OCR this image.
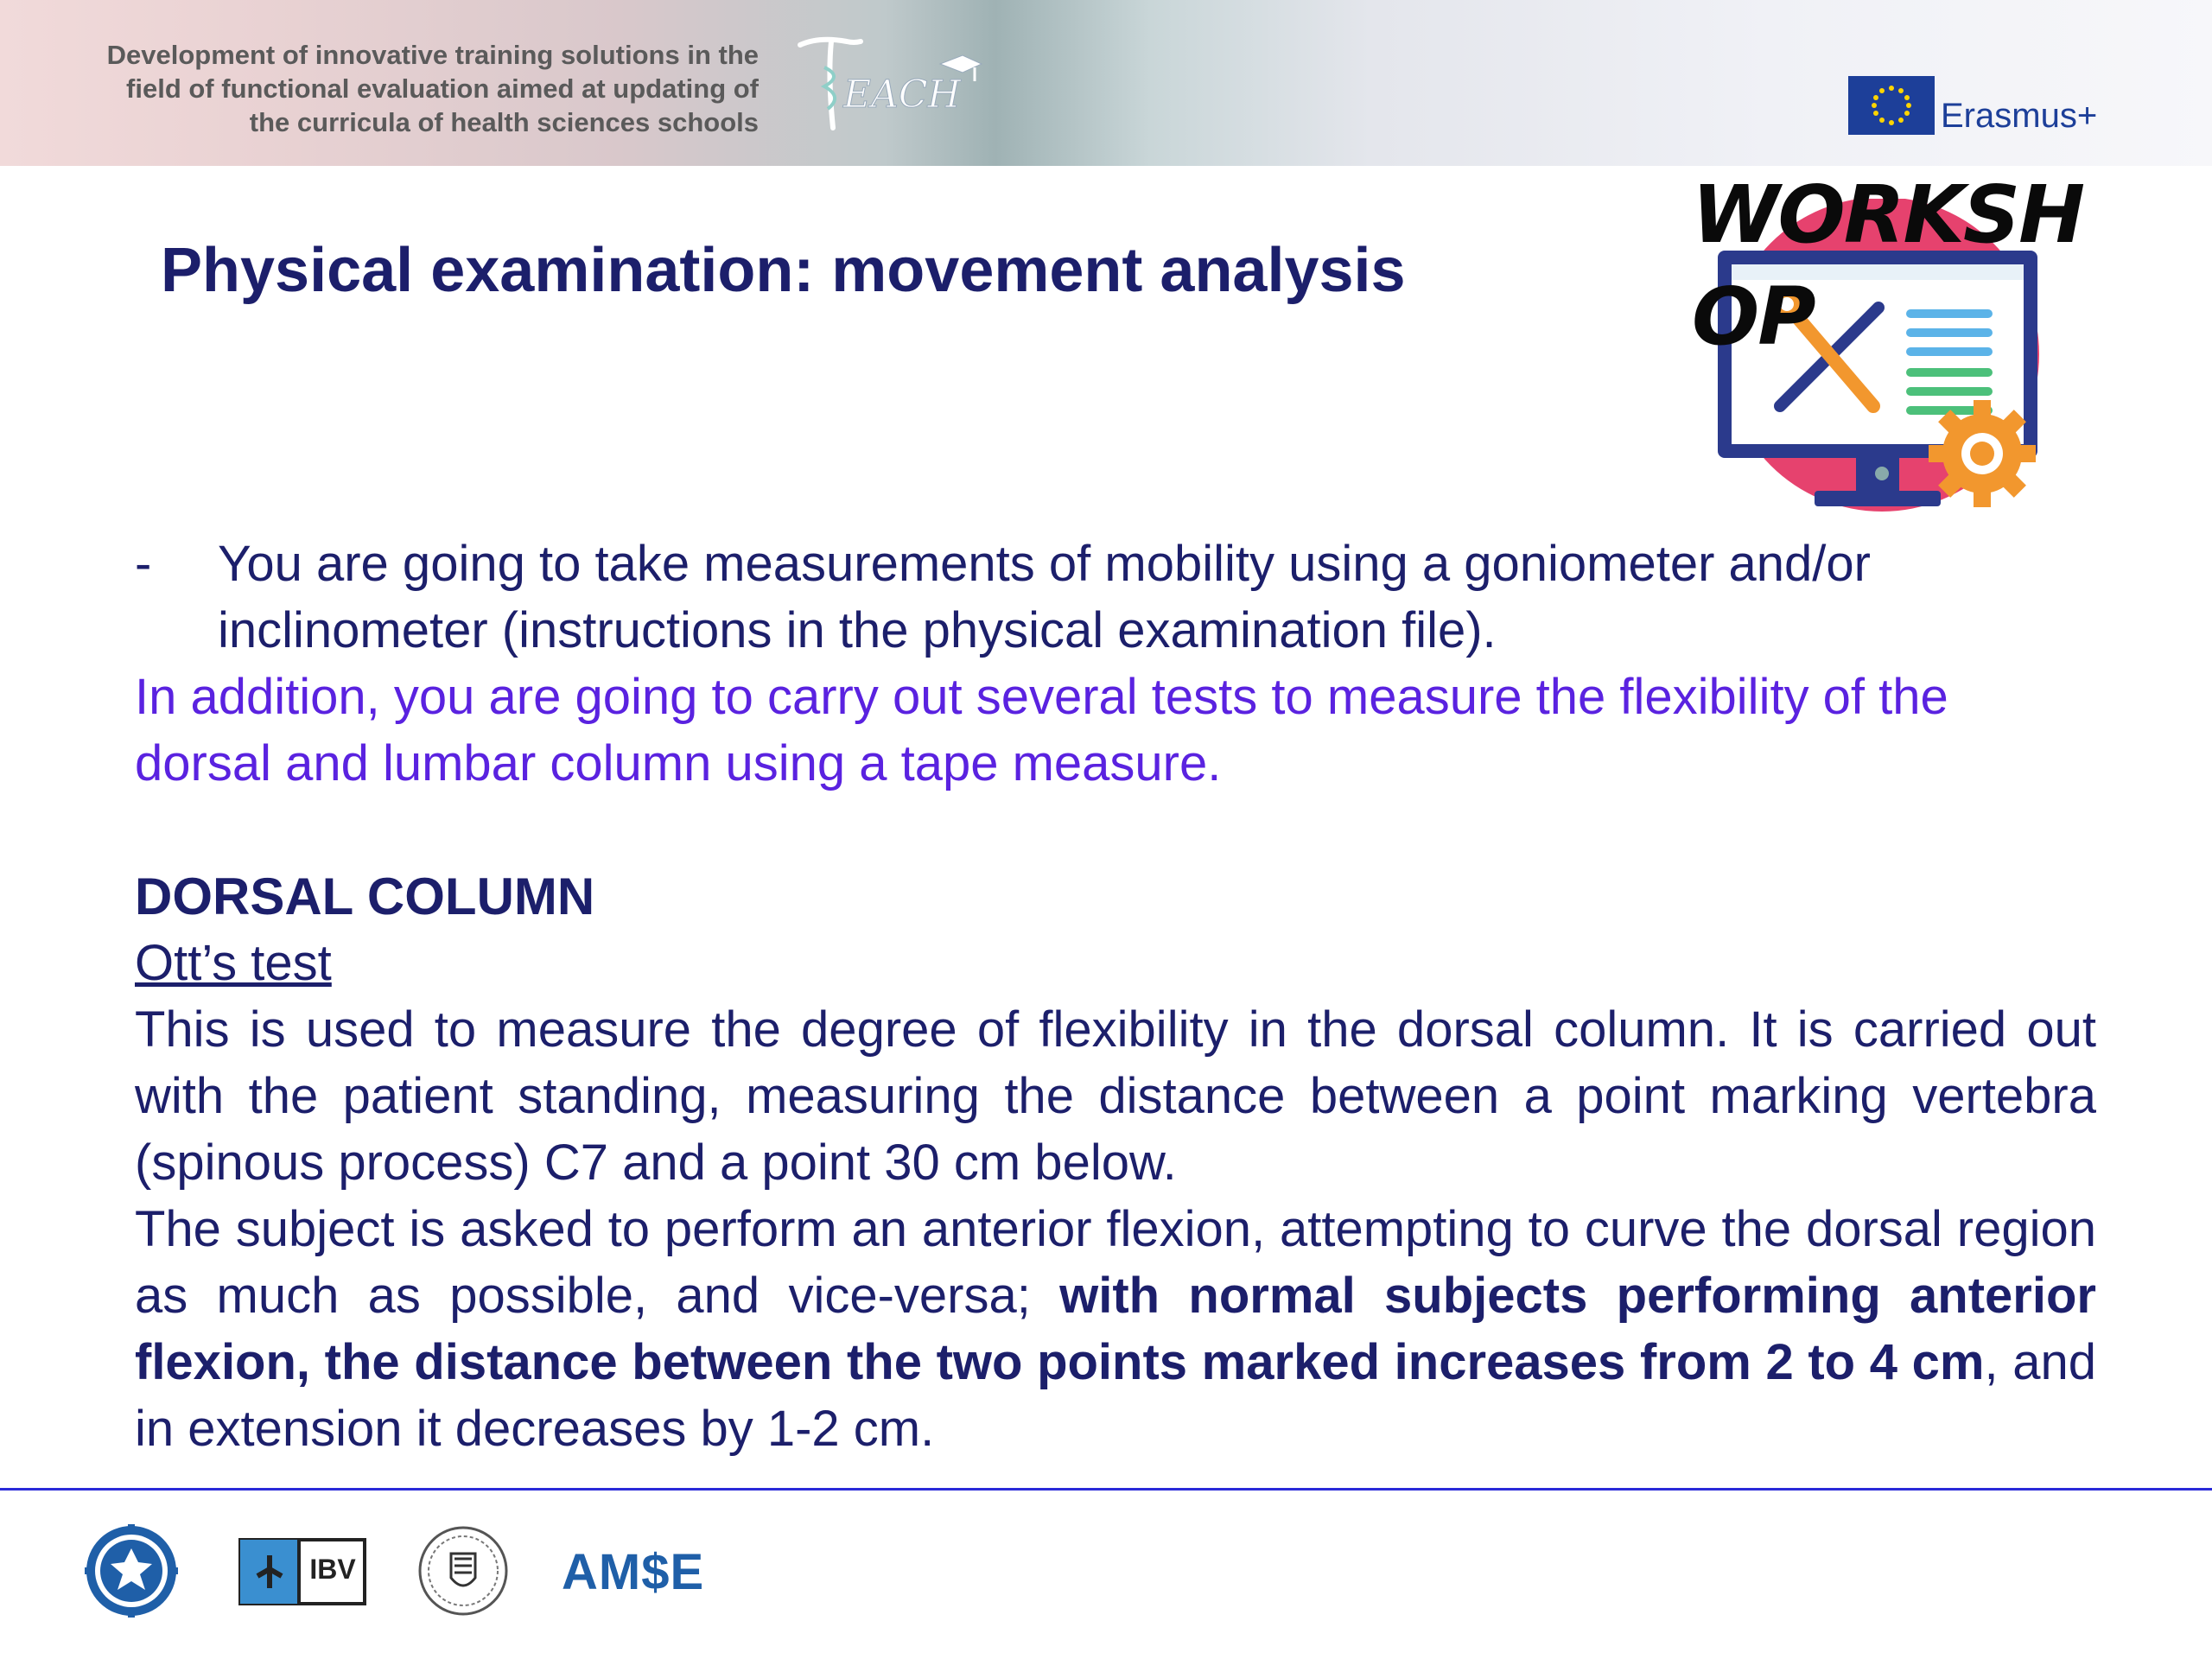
Development of innovative training solutions in the
field of functional evaluation aimed at updating of
the curricula of health sciences schools
EACH	Erasmus+
WORKSHOP
Physical examination: movement analysis
-	You are going to take measurements of mobility using a goniometer and/or inclinometer (instructions in the physical examination file).
In addition, you are going to carry out several tests to measure the flexibility of the dorsal and lumbar column using a tape measure.
DORSAL COLUMN
Ott’s test
This is used to measure the degree of flexibility in the dorsal column. It is carried out with the patient standing, measuring the distance between a point marking vertebra (spinous process) C7 and a point 30 cm below.
The subject is asked to perform an anterior flexion, attempting to curve the dorsal region as much as possible, and vice-versa; with normal subjects performing anterior flexion, the distance between the two points marked increases from 2 to 4 cm, and in extension it decreases by 1-2 cm.
IBV	AM$E
